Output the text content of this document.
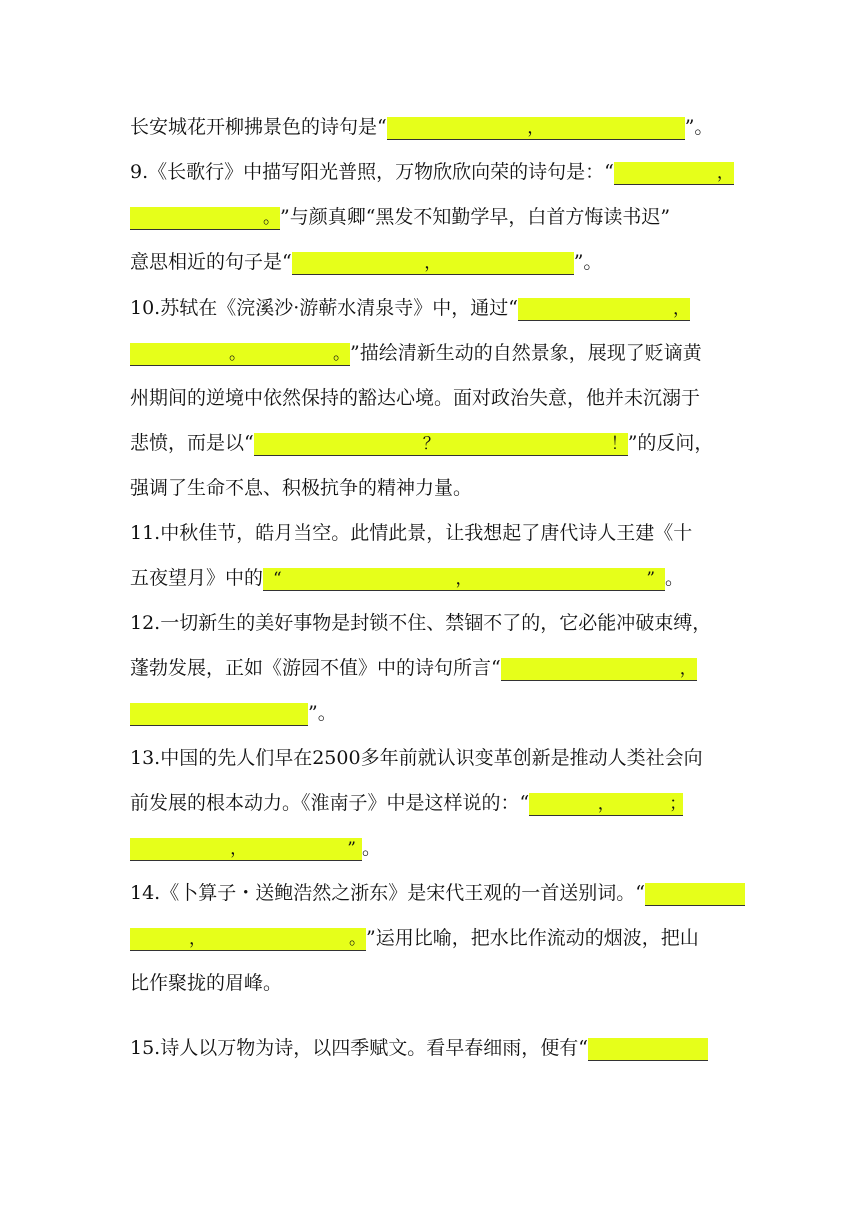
长安城花开柳拂景色的诗句是“	，	”。
9.《长歌行》中描写阳光普照，万物欣欣向荣的诗句是：“	，
。”与颜真卿“黑发不知勤学早，白首方悔读书迟”
意思相近的句子是“	，	”。
10.苏轼在《浣溪沙·游蕲水清泉寺》中，通过“	，
。	。”描绘清新生动的自然景象，展现了贬谪黄
州期间的逆境中依然保持的豁达心境。面对政治失意，他并未沉溺于
悲愤，而是以“	？	！”的反问，
强调了生命不息、积极抗争的精神力量。
11.中秋佳节，皓月当空。此情此景，让我想起了唐代诗人王建《十
五夜望月》中的 “	，	” 。
12.一切新生的美好事物是封锁不住、禁锢不了的，它必能冲破束缚，
蓬勃发展，正如《游园不值》中的诗句所言“	，
”。
13.中国的先人们早在2500多年前就认识变革创新是推动人类社会向
前发展的根本动力。《淮南子》中是这样说的：“	，	；
，	” 。
14.《卜算子・送鲍浩然之浙东》是宋代王观的一首送别词。“
，	。”运用比喻，把水比作流动的烟波，把山
比作聚拢的眉峰。
15.诗人以万物为诗，以四季赋文。看早春细雨，便有“
